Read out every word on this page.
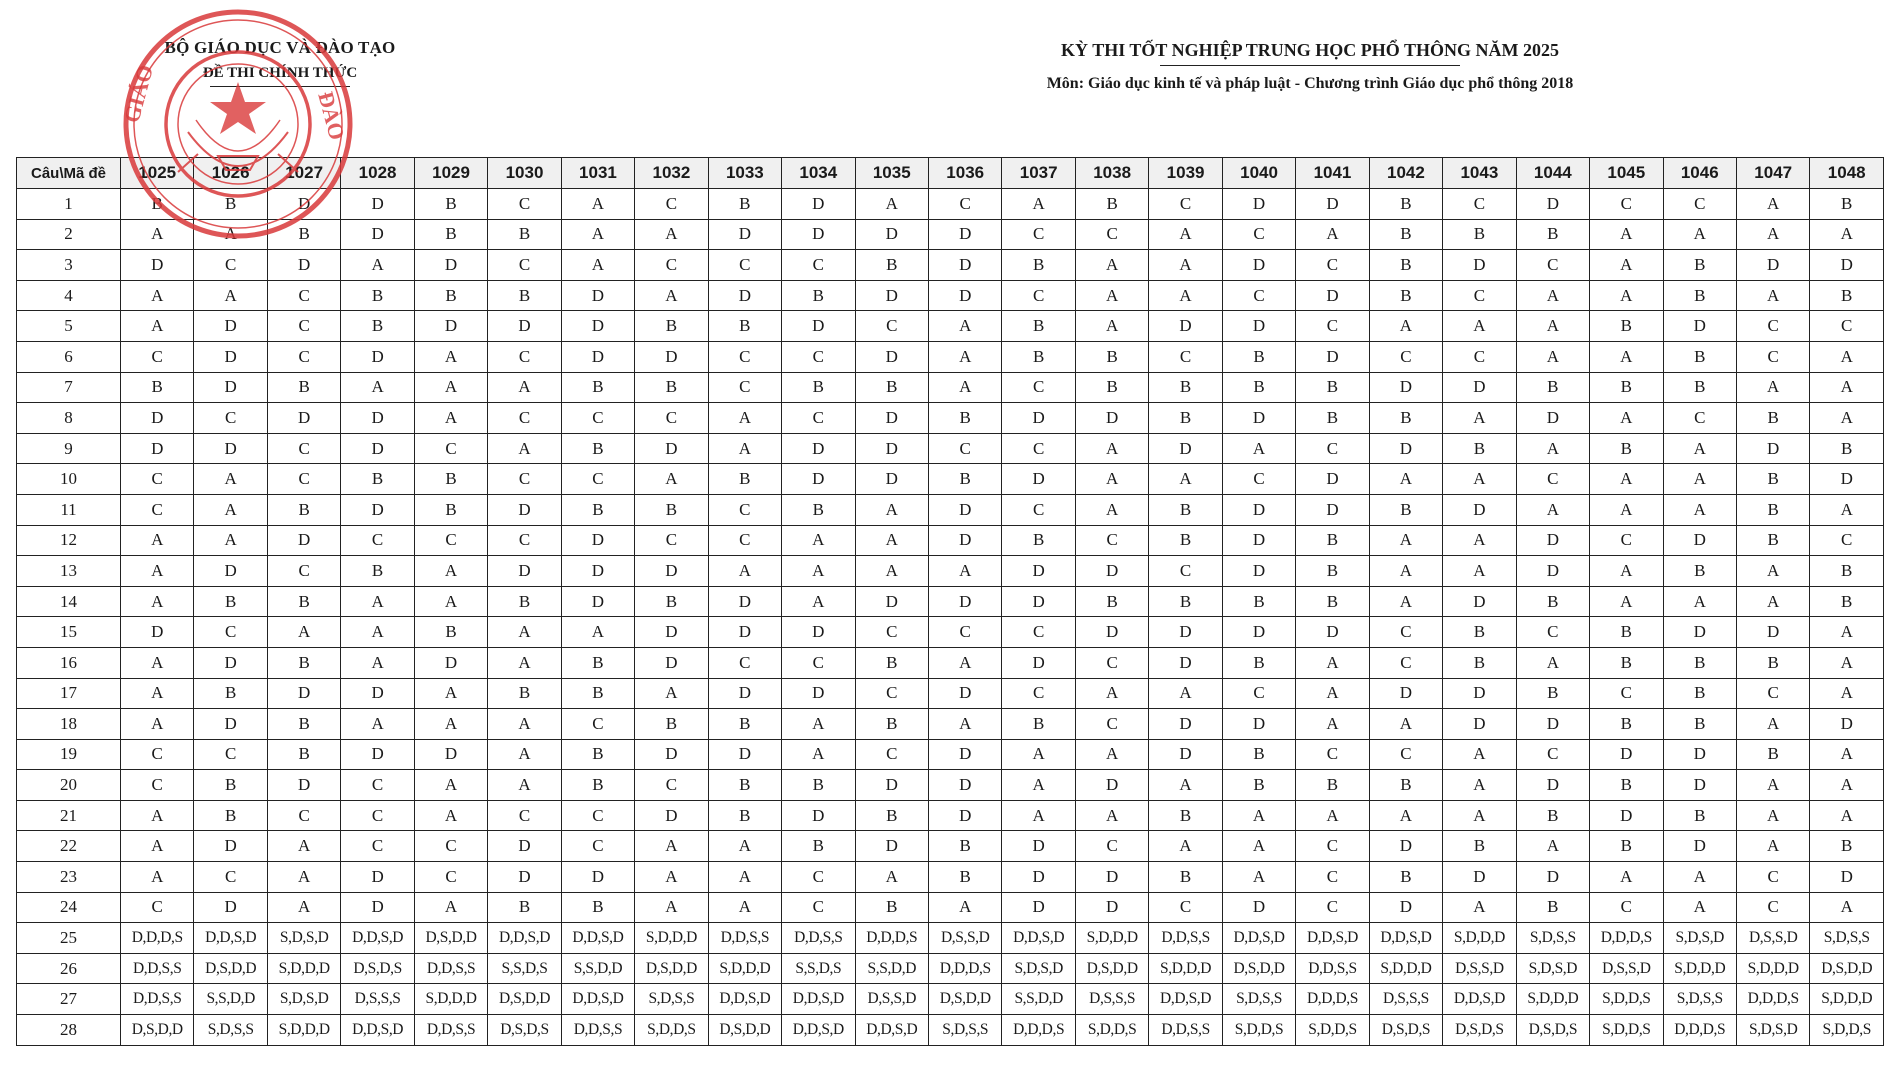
BỘ GIÁO DỤC VÀ ĐÀO TẠO
ĐỀ THI CHÍNH THỨC
KỲ THI TỐT NGHIỆP TRUNG HỌC PHỔ THÔNG NĂM 2025
Môn: Giáo dục kinh tế và pháp luật - Chương trình Giáo dục phổ thông 2018
Câu\Mã đề	1025	1026	1027	1028	1029	1030	1031	1032	1033	1034	1035	1036	1037	1038	1039	1040	1041	1042	1043	1044	1045	1046	1047	1048
1	B	B	D	D	B	C	A	C	B	D	A	C	A	B	C	D	D	B	C	D	C	C	A	B
2	A	A	B	D	B	B	A	A	D	D	D	D	C	C	A	C	A	B	B	B	A	A	A	A
3	D	C	D	A	D	C	A	C	C	C	B	D	B	A	A	D	C	B	D	C	A	B	D	D
4	A	A	C	B	B	B	D	A	D	B	D	D	C	A	A	C	D	B	C	A	A	B	A	B
5	A	D	C	B	D	D	D	B	B	D	C	A	B	A	D	D	C	A	A	A	B	D	C	C
6	C	D	C	D	A	C	D	D	C	C	D	A	B	B	C	B	D	C	C	A	A	B	C	A
7	B	D	B	A	A	A	B	B	C	B	B	A	C	B	B	B	B	D	D	B	B	B	A	A
8	D	C	D	D	A	C	C	C	A	C	D	B	D	D	B	D	B	B	A	D	A	C	B	A
9	D	D	C	D	C	A	B	D	A	D	D	C	C	A	D	A	C	D	B	A	B	A	D	B
10	C	A	C	B	B	C	C	A	B	D	D	B	D	A	A	C	D	A	A	C	A	A	B	D
11	C	A	B	D	B	D	B	B	C	B	A	D	C	A	B	D	D	B	D	A	A	A	B	A
12	A	A	D	C	C	C	D	C	C	A	A	D	B	C	B	D	B	A	A	D	C	D	B	C
13	A	D	C	B	A	D	D	D	A	A	A	A	D	D	C	D	B	A	A	D	A	B	A	B
14	A	B	B	A	A	B	D	B	D	A	D	D	D	B	B	B	B	A	D	B	A	A	A	B
15	D	C	A	A	B	A	A	D	D	D	C	C	C	D	D	D	D	C	B	C	B	D	D	A
16	A	D	B	A	D	A	B	D	C	C	B	A	D	C	D	B	A	C	B	A	B	B	B	A
17	A	B	D	D	A	B	B	A	D	D	C	D	C	A	A	C	A	D	D	B	C	B	C	A
18	A	D	B	A	A	A	C	B	B	A	B	A	B	C	D	D	A	A	D	D	B	B	A	D
19	C	C	B	D	D	A	B	D	D	A	C	D	A	A	D	B	C	C	A	C	D	D	B	A
20	C	B	D	C	A	A	B	C	B	B	D	D	A	D	A	B	B	B	A	D	B	D	A	A
21	A	B	C	C	A	C	C	D	B	D	B	D	A	A	B	A	A	A	A	B	D	B	A	A
22	A	D	A	C	C	D	C	A	A	B	D	B	D	C	A	A	C	D	B	A	B	D	A	B
23	A	C	A	D	C	D	D	A	A	C	A	B	D	D	B	A	C	B	D	D	A	A	C	D
24	C	D	A	D	A	B	B	A	A	C	B	A	D	D	C	D	C	D	A	B	C	A	C	A
25	D,D,D,S	D,D,S,D	S,D,S,D	D,D,S,D	D,S,D,D	D,D,S,D	D,D,S,D	S,D,D,D	D,D,S,S	D,D,S,S	D,D,D,S	D,S,S,D	D,D,S,D	S,D,D,D	D,D,S,S	D,D,S,D	D,D,S,D	D,D,S,D	S,D,D,D	S,D,S,S	D,D,D,S	S,D,S,D	D,S,S,D	S,D,S,S
26	D,D,S,S	D,S,D,D	S,D,D,D	D,S,D,S	D,D,S,S	S,S,D,S	S,S,D,D	D,S,D,D	S,D,D,D	S,S,D,S	S,S,D,D	D,D,D,S	S,D,S,D	D,S,D,D	S,D,D,D	D,S,D,D	D,D,S,S	S,D,D,D	D,S,S,D	S,D,S,D	D,S,S,D	S,D,D,D	S,D,D,D	D,S,D,D
27	D,D,S,S	S,S,D,D	S,D,S,D	D,S,S,S	S,D,D,D	D,S,D,D	D,D,S,D	S,D,S,S	D,D,S,D	D,D,S,D	D,S,S,D	D,S,D,D	S,S,D,D	D,S,S,S	D,D,S,D	S,D,S,S	D,D,D,S	D,S,S,S	D,D,S,D	S,D,D,D	S,D,D,S	S,D,S,S	D,D,D,S	S,D,D,D
28	D,S,D,D	S,D,S,S	S,D,D,D	D,D,S,D	D,D,S,S	D,S,D,S	D,D,S,S	S,D,D,S	D,S,D,D	D,D,S,D	D,D,S,D	S,D,S,S	D,D,D,S	S,D,D,S	D,D,S,S	S,D,D,S	S,D,D,S	D,S,D,S	D,S,D,S	D,S,D,S	S,D,D,S	D,D,D,S	S,D,S,D	S,D,D,S
GIÁO	ĐÀO
